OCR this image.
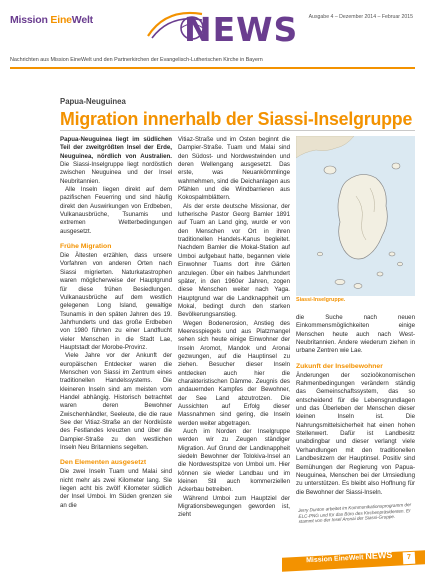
Mission EineWelt	NEWS Ausgabe 4 – Dezember 2014 – Februar 2015
Nachrichten aus Mission EineWelt und den Partnerkirchen der Evangelisch-Lutherischen Kirche in Bayern
Papua-Neuguinea
Migration innerhalb der Siassi-Inselgruppe

Papua-Neuguinea liegt im südlichen Teil der zweitgrößten Insel der Erde, Neuguinea, nördlich von Australien. Die Siassi-Inselgruppe liegt nordöstlich zwischen Neuguinea und der Insel Neubritannien.

Alle Inseln liegen direkt auf dem pazifischen Feuerring und sind häufig direkt den Auswirkungen von Erdbeben, Vulkanausbrüche, Tsunamis und extremen Wetterbedingungen ausgesetzt.

Frühe Migration

Die Ältesten erzählen, dass unsere Vorfahren von anderen Orten nach Siassi migrierten. Naturkatastrophen waren möglicherweise der Hauptgrund für diese frühen Besiedlungen. Vulkanausbrüche auf dem westlich gelegenen Long Island, gewaltige Tsunamis in den späten Jahren des 19. Jahrhunderts und das große Erdbeben von 1980 führten zu einer Landflucht vieler Menschen in die Stadt Lae, Hauptstadt der Morobe-Provinz.

Viele Jahre vor der Ankunft der europäischen Entdecker waren die Menschen von Siassi im Zentrum eines traditionellen Handelssystems. Die kleineren Inseln sind am meisten vom Handel abhängig. Historisch betrachtet waren deren Bewohner Zwischenhändler, Seeleute, die die raue See der Vitiaz-Straße an der Nordküste des Festlandes kreuzten und über die Dampier-Straße zu den westlichen Inseln Neu Britanniens segelten.

Den Elementen ausgesetzt

Die zwei Inseln Tuam und Malai sind nicht mehr als zwei Kilometer lang. Sie liegen acht bis zwölf Kilometer südlich der Insel Umboi. Im Süden grenzen sie an die

Vitiaz-Straße und im Osten beginnt die Dampier-Straße. Tuam und Malai sind den Südost- und Nordwestwinden und deren Wellengang ausgesetzt. Das erste, was Neuankömmlinge wahrnehmen, sind die Deichanlagen aus Pfählen und die Windbarrieren aus Kokospalmblättern.

Als der erste deutsche Missionar, der lutherische Pastor Georg Bamler 1891 auf Tuam an Land ging, wurde er von den Menschen vor Ort in ihren traditionellen Handels-Kanus begleitet. Nachdem Bamler die Mokal-Station auf Umboi aufgebaut hatte, begannen viele Einwohner Tuams dort ihre Gärten anzulegen. Über ein halbes Jahrhundert später, in den 1960er Jahren, zogen diese Menschen weiter nach Yaga. Hauptgrund war die Landknappheit um Mokal, bedingt durch den starken Bevölkerungsanstieg.

Wegen Bodenerosion, Anstieg des Meeresspiegels und aus Platzmangel sehen sich heute einige Einwohner der Inseln Aromot, Mandok und Aronai gezwungen, auf die Hauptinsel zu ziehen. Besucher dieser Inseln entdecken auch hier die charakteristischen Dämme. Zeugnis des andauernden Kampfes der Bewohner, der See Land abzutrotzen. Die Aussichten auf Erfolg dieser Massnahmen sind gering, die Inseln werden weiter abgetragen.

Auch im Norden der Inselgruppe werden wir zu Zeugen ständiger Migration. Auf Grund der Landknappheit siedeln Bewohner der Tolokiva-Insel an die Nordwestspitze von Umboi um. Hier können sie wieder Landbau und im kleinen Stil auch kommerziellen Ackerbau betreiben.

Während Umboi zum Hauptziel der Migrationsbewegungen geworden ist, zieht

Siassi-Inselgruppe.

die Suche nach neuen Einkommensmöglichkeiten einige Menschen heute auch nach West-Neubritannien. Andere wiederum ziehen in urbane Zentren wie Lae.

Zukunft der Inselbewohner

Änderungen der sozioökonomischen Rahmenbedingungen verändern ständig das Gemeinschaftssystem, das so entscheidend für die Lebensgrundlagen und das Überleben der Menschen dieser kleinen Inseln ist. Die Nahrungsmittelsicherheit hat einen hohen Stellenwert. Dafür ist Landbesitz unabdingbar und dieser verlangt viele Verhandlungen mit den traditionellen Landbesitzern der Hauptinsel. Positiv sind Bemühungen der Regierung von Papua-Neuguinea, Menschen bei der Umsiedlung zu unterstützen. Es bleibt also Hoffnung für die Bewohner der Siassi-Inseln.

Jerry Dunton arbeitet im Kommunikationsprogramm der ELC-PNG und für das Büro des Kirchenpräsidenten. Er stammt von der Insel Aronai der Siassi-Gruppe.
Mission EineWelt NEWS	7
